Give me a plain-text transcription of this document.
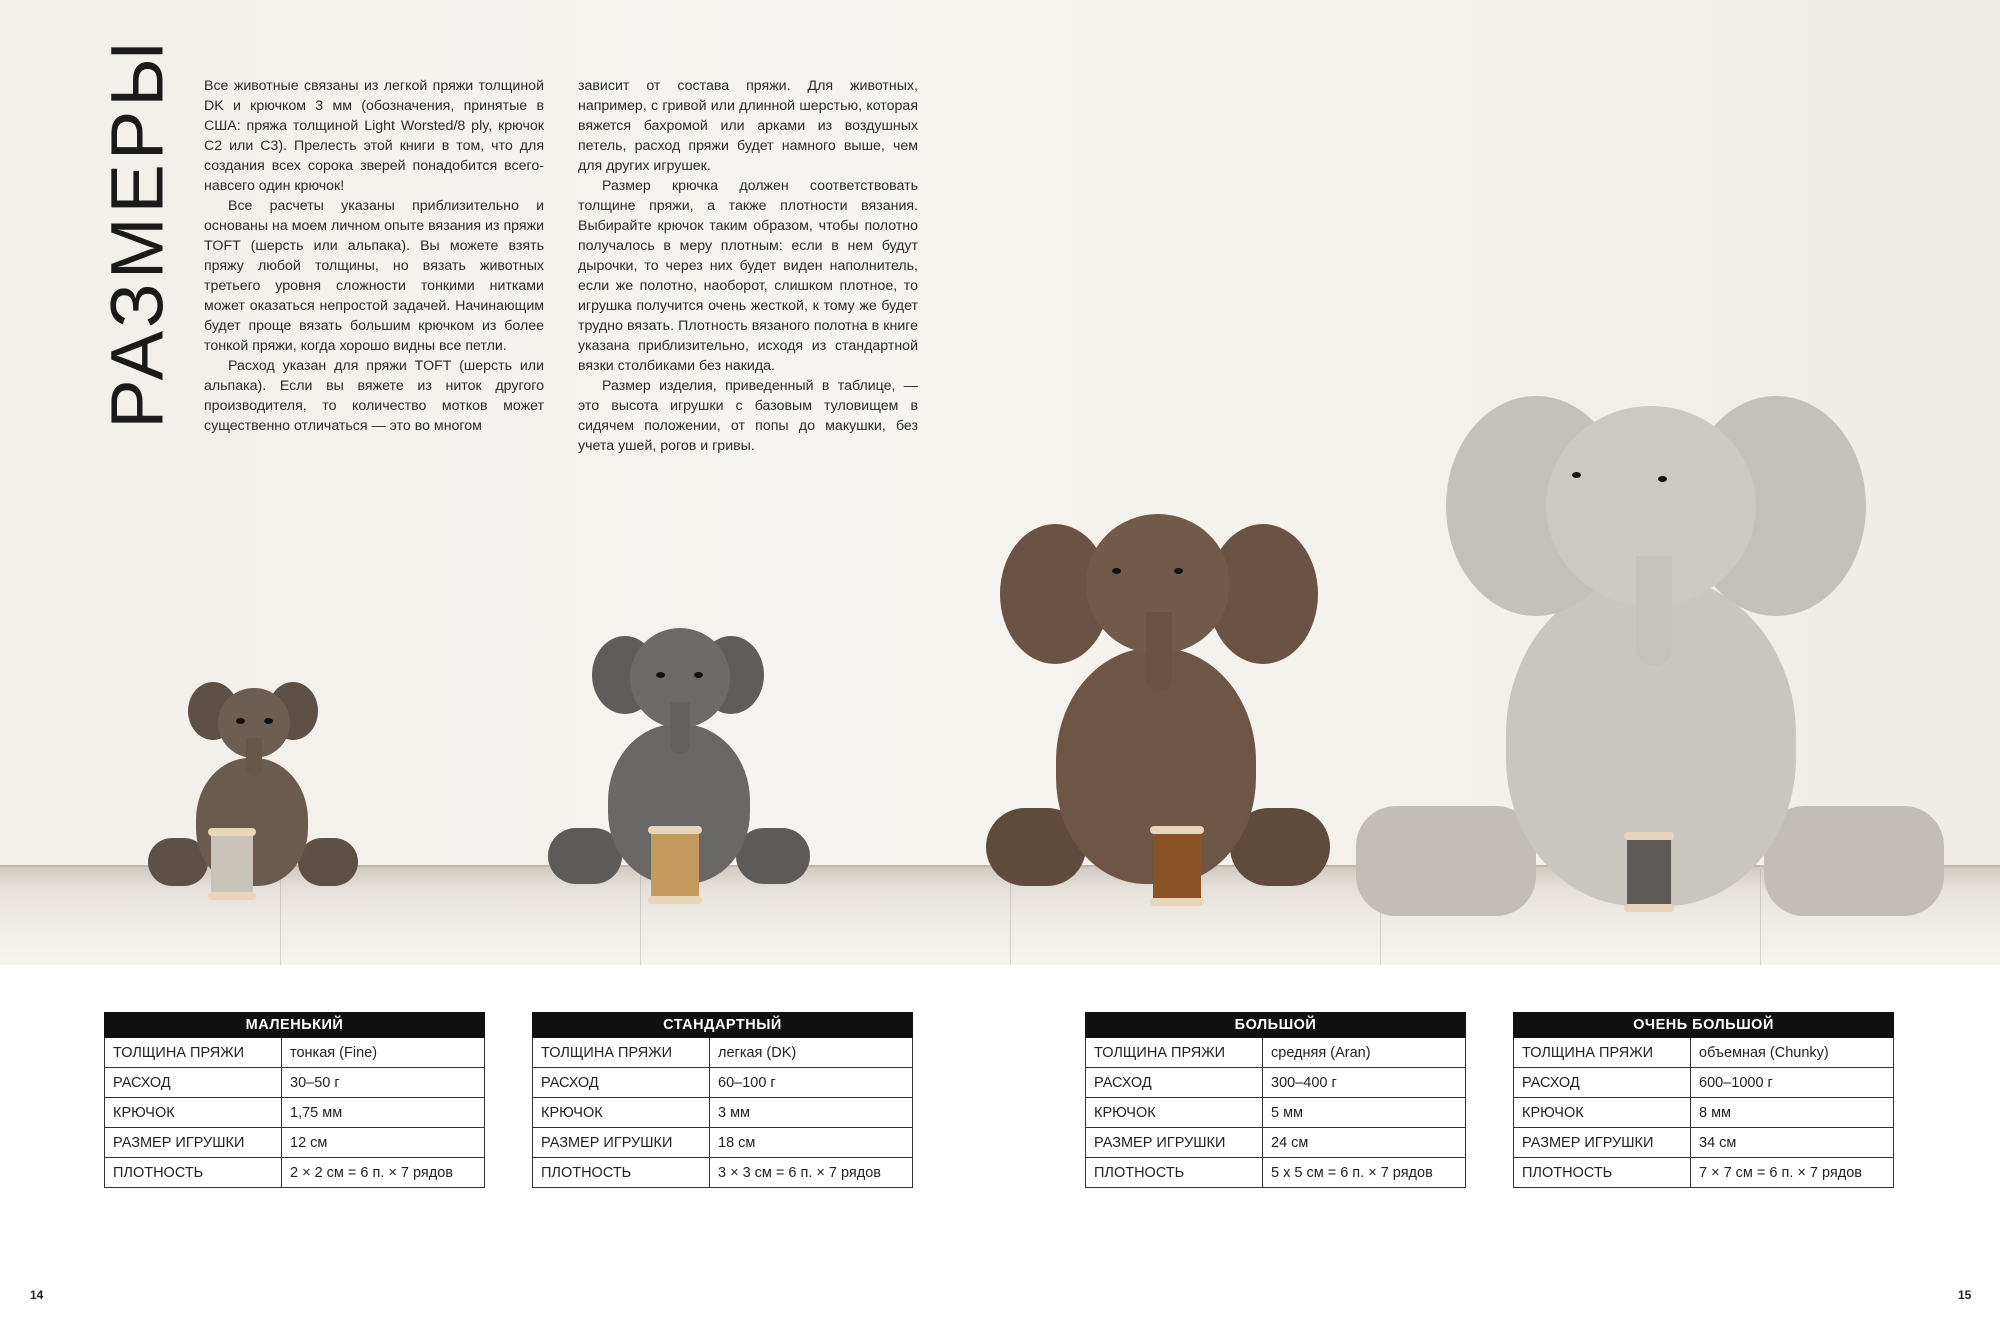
РАЗМЕРЫ Все животные связаны из легкой пряжи толщиной DK и крючком 3 мм (обозначения, принятые в США: пряжа толщиной Light Worsted/8 ply, крючок C2 или C3). Прелесть этой книги в том, что для создания всех сорока зверей понадобится всего-навсего один крючок!

Все расчеты указаны приблизительно и основаны на моем личном опыте вязания из пряжи TOFT (шерсть или альпака). Вы можете взять пряжу любой толщины, но вязать животных третьего уровня сложности тонкими нитками может оказаться непростой задачей. Начинающим будет проще вязать большим крючком из более тонкой пряжи, когда хорошо видны все петли.

Расход указан для пряжи TOFT (шерсть или альпака). Если вы вяжете из ниток другого производителя, то количество мотков может существенно отличаться — это во многом

зависит от состава пряжи. Для животных, например, с гривой или длинной шерстью, которая вяжется бахромой или арками из воздушных петель, расход пряжи будет намного выше, чем для других игрушек.

Размер крючка должен соответствовать толщине пряжи, а также плотности вязания. Выбирайте крючок таким образом, чтобы полотно получалось в меру плотным: если в нем будут дырочки, то через них будет виден наполнитель, если же полотно, наоборот, слишком плотное, то игрушка получится очень жесткой, к тому же будет трудно вязать. Плотность вязаного полотна в книге указана приблизительно, исходя из стандартной вязки столбиками без накида.

Размер изделия, приведенный в таблице, — это высота игрушки с базовым туловищем в сидячем положении, от попы до макушки, без учета ушей, рогов и гривы.

МАЛЕНЬКИЙ	
ТОЛЩИНА ПРЯЖИ	тонкая (Fine)
РАСХОД	30–50 г
КРЮЧОК	1,75 мм
РАЗМЕР ИГРУШКИ	12 см
ПЛОТНОСТЬ	2 × 2 см = 6 п. × 7 рядов
СТАНДАРТНЫЙ	
ТОЛЩИНА ПРЯЖИ	легкая (DK)
РАСХОД	60–100 г
КРЮЧОК	3 мм
РАЗМЕР ИГРУШКИ	18 см
ПЛОТНОСТЬ	3 × 3 см = 6 п. × 7 рядов
БОЛЬШОЙ	
ТОЛЩИНА ПРЯЖИ	средняя (Aran)
РАСХОД	300–400 г
КРЮЧОК	5 мм
РАЗМЕР ИГРУШКИ	24 см
ПЛОТНОСТЬ	5 x 5 см = 6 п. × 7 рядов
ОЧЕНЬ БОЛЬШОЙ	
ТОЛЩИНА ПРЯЖИ	объемная (Chunky)
РАСХОД	600–1000 г
КРЮЧОК	8 мм
РАЗМЕР ИГРУШКИ	34 см
ПЛОТНОСТЬ	7 × 7 см = 6 п. × 7 рядов
14	15
